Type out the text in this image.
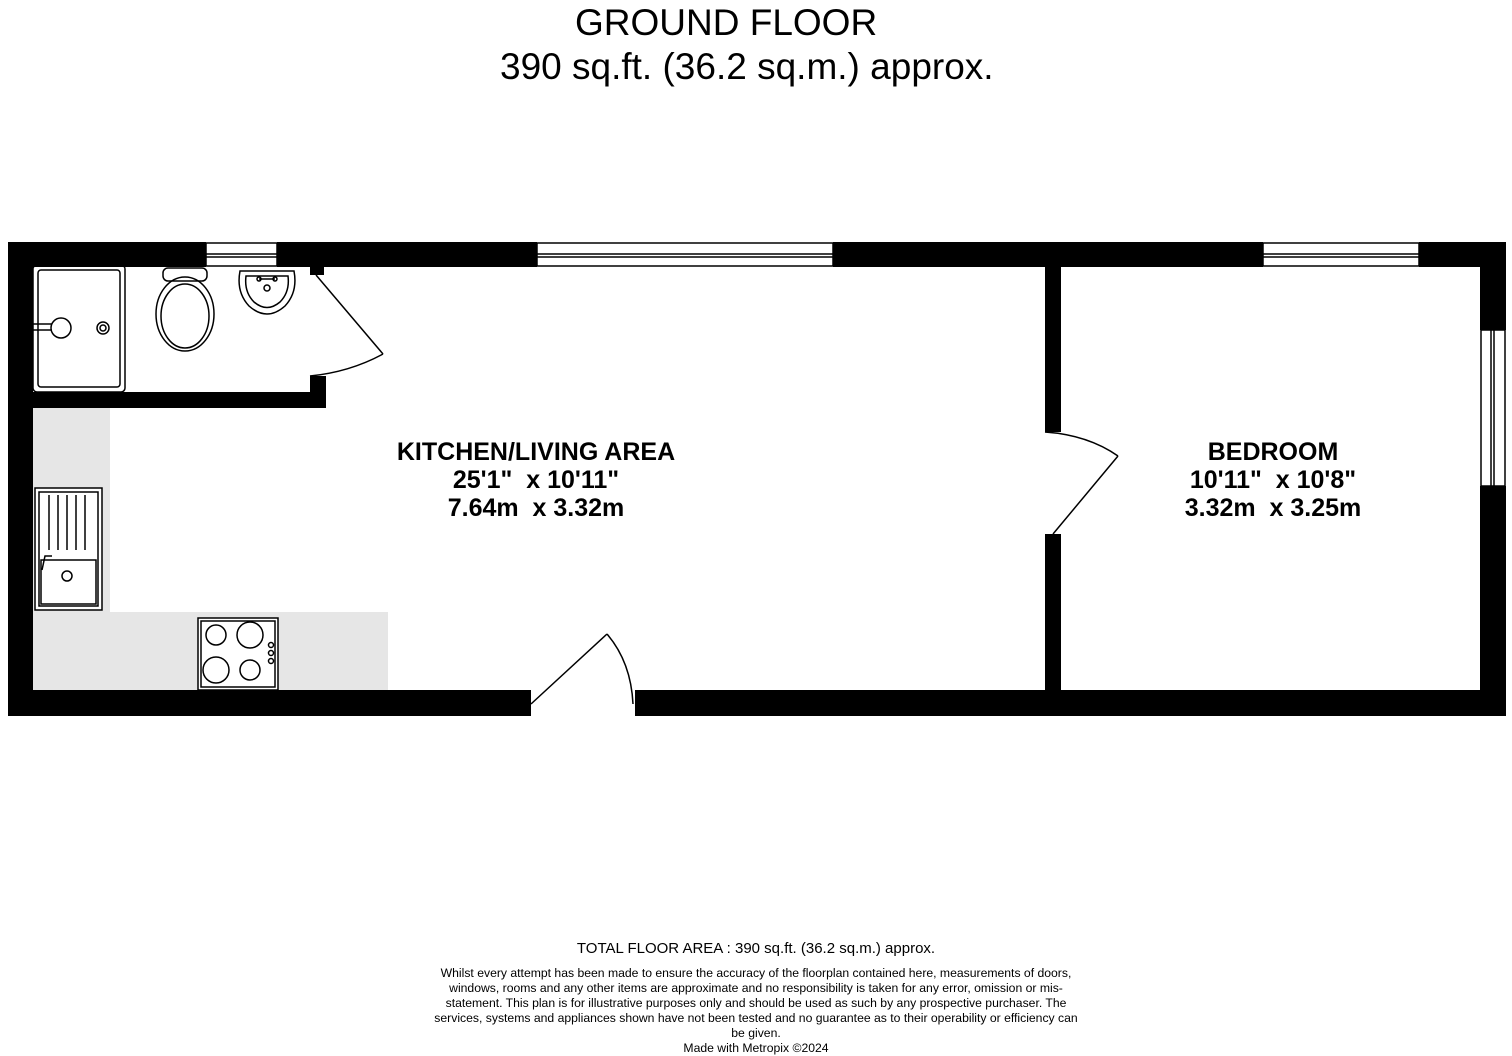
GROUND FLOOR
390 sq.ft. (36.2 sq.m.) approx.
KITCHEN/LIVING AREA
25'1"  x 10'11"
7.64m  x 3.32m
BEDROOM
10'11"  x 10'8"
3.32m  x 3.25m
TOTAL FLOOR AREA : 390 sq.ft. (36.2 sq.m.) approx.
Whilst every attempt has been made to ensure the accuracy of the floorplan contained here, measurements of doors, windows, rooms and any other items are approximate and no responsibility is taken for any error, omission or mis-statement. This plan is for illustrative purposes only and should be used as such by any prospective purchaser. The services, systems and appliances shown have not been tested and no guarantee as to their operability or efficiency can be given.
Made with Metropix ©2024
